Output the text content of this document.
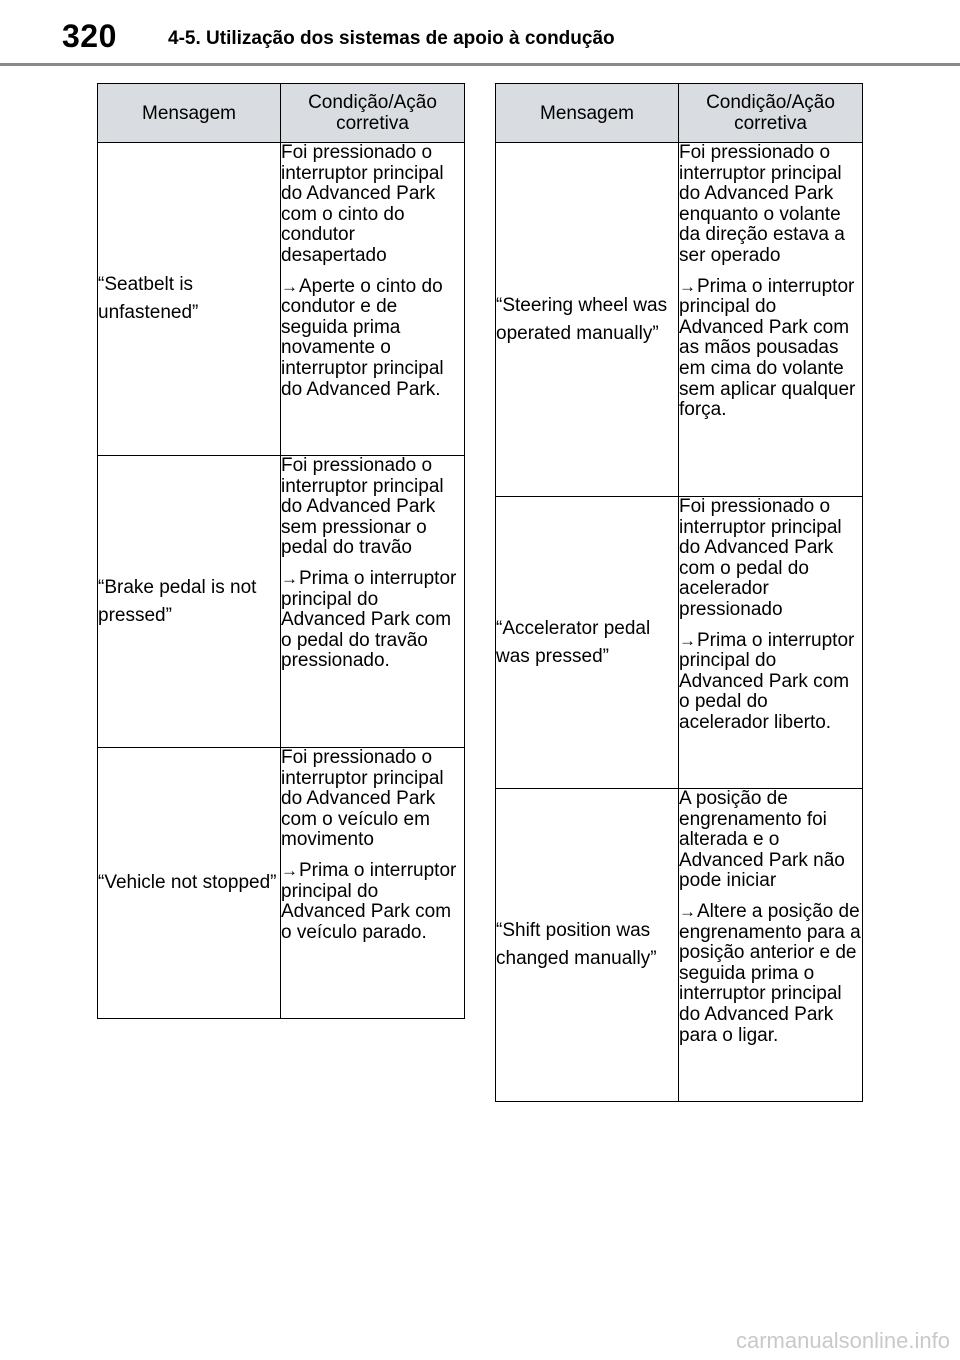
320	4-5. Utilização dos sistemas de apoio à condução
Mensagem	Condição/Ação corretiva
“Seatbelt is unfastened”	Foi pressionado o interruptor principal do Advanced Park com o cinto do condutor desapertado

→Aperte o cinto do condutor e de seguida prima novamente o interruptor principal do Advanced Park.

“Brake pedal is not pressed”	Foi pressionado o interruptor principal do Advanced Park sem pressionar o pedal do travão

→Prima o interruptor principal do Advanced Park com o pedal do travão pressionado.

“Vehicle not stopped”	Foi pressionado o interruptor principal do Advanced Park com o veículo em movimento

→Prima o interruptor principal do Advanced Park com o veículo parado.

Mensagem	Condição/Ação corretiva
“Steering wheel was operated manually”	Foi pressionado o interruptor principal do Advanced Park enquanto o volante da direção estava a ser operado

→Prima o interruptor principal do Advanced Park com as mãos pousadas em cima do volante sem aplicar qualquer força.

“Accelerator pedal was pressed”	Foi pressionado o interruptor principal do Advanced Park com o pedal do acelerador pressionado

→Prima o interruptor principal do Advanced Park com o pedal do acelerador liberto.

“Shift position was changed manually”	A posição de engrenamento foi alterada e o Advanced Park não pode iniciar

→Altere a posição de engrenamento para a posição anterior e de seguida prima o interruptor principal do Advanced Park para o ligar.

carmanualsonline.info
